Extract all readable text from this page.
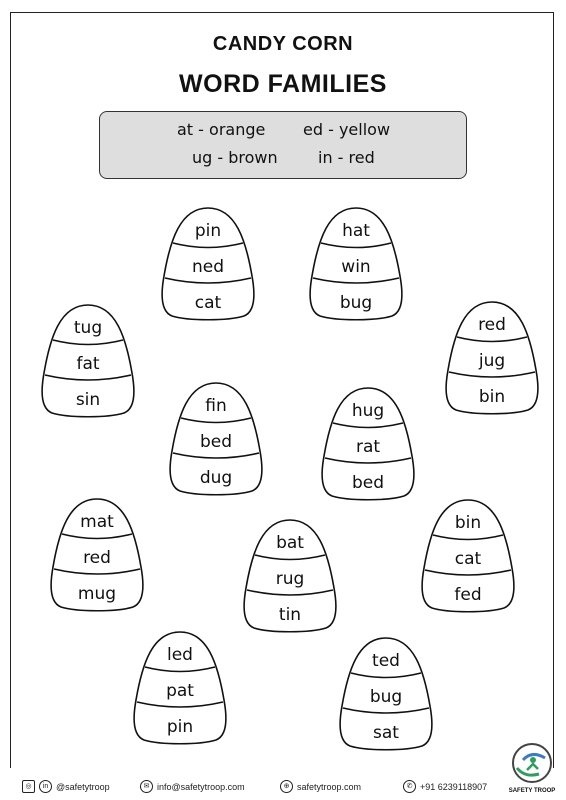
CANDY CORN
WORD FAMILIES
at - orange ed - yellow
ug - brown	in - red
pin
ned
cat
hat
win
bug
tug
fat
sin
red
jug
bin
fin
bed
dug
hug
rat
bed
mat
red
mug
bin
cat
fed
bat
rug
tin
led
pat
pin
ted
bug
sat
◎	in @safetytroop	✉ info@safetytroop.com	⊕ safetytroop.com	✆ +91 6239118907	SAFETY TROOP
